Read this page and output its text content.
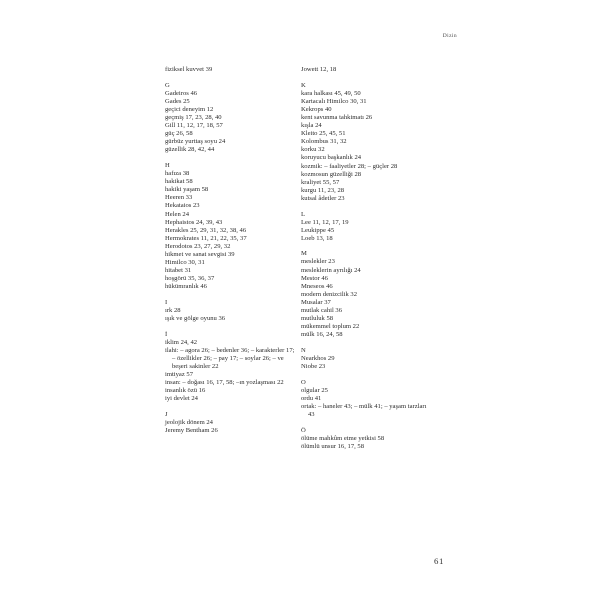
Dizin
fiziksel kuvvet 39
G
Gadeiros 46
Gades 25
geçici deneyim 12
geçmiş 17, 23, 28, 40
Gill 11, 12, 17, 18, 57
güç 26, 58
gürbüz yurttaş soyu 24
güzellik 28, 42, 44
H
hafıza 38
hakikat 58
hakiki yaşam 58
Heeren 33
Hekataios 23
Helen 24
Hephaistos 24, 39, 43
Herakles 25, 29, 31, 32, 38, 46
Hermokrates 11, 21, 22, 35, 37
Herodotos 23, 27, 29, 32
hikmet ve sanat sevgisi 39
Himilco 30, 31
hitabet 31
hoşgörü 35, 36, 37
hükümranlık 46
I
ırk 28
ışık ve gölge oyunu 36
İ
iklim 24, 42
ilahi: – agora 26; – bedenler 36; – karakterler 17; – özellikler 26; – pay 17; – soylar 26; – ve beşeri sakinler 22
imtiyaz 57
insan: – doğası 16, 17, 58; –ın yozlaşması 22
insanlık özü 16
iyi devlet 24
J
jeolojik dönem 24
Jeremy Bentham 26
Jowett 12, 18
K
kara halkası 45, 49, 50
Kartacalı Himilco 30, 31
Kekrops 40
kent savunma tahkimatı 26
kışla 24
Kleito 25, 45, 51
Kolombus 31, 32
korku 32
koruyucu başkanlık 24
kozmik: – faaliyetler 28; – güçler 28
kozmosun güzelliği 28
kraliyet 55, 57
kurgu 11, 23, 28
kutsal âdetler 23
L
Lee 11, 12, 17, 19
Leukippe 45
Loeb 13, 18
M
meslekler 23
mesleklerin ayrılığı 24
Mestor 46
Mneseos 46
modern denizcilik 32
Musalar 37
mutlak cahil 36
mutluluk 58
mükemmel toplum 22
mülk 16, 24, 58
N
Nearkhos 29
Niobe 23
O
olgular 25
ordu 41
ortak: – haneler 43; – mülk 41; – yaşam tarzları 43
Ö
ölüme mahkûm etme yetkisi 58
ölümlü unsur 16, 17, 58
61
